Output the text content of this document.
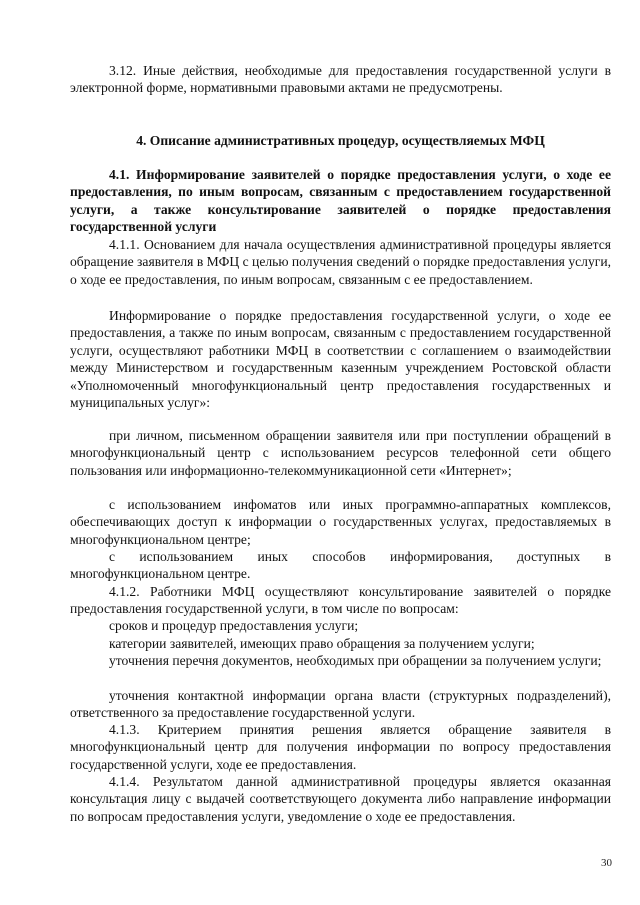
3.12. Иные действия, необходимые для предоставления государственной услуги в электронной форме, нормативными правовыми актами не предусмотрены.

4. Описание административных процедур, осуществляемых МФЦ

4.1. Информирование заявителей о порядке предоставления услуги, о ходе ее предоставления, по иным вопросам, связанным с предоставлением государственной услуги, а также консультирование заявителей о порядке предоставления государственной услуги

4.1.1. Основанием для начала осуществления административной процедуры является обращение заявителя в МФЦ с целью получения сведений о порядке предоставления услуги, о ходе ее предоставления, по иным вопросам, связанным с ее предоставлением.

Информирование о порядке предоставления государственной услуги, о ходе ее предоставления, а также по иным вопросам, связанным с предоставлением государственной услуги, осуществляют работники МФЦ в соответствии с соглашением о взаимодействии между Министерством и государственным казенным учреждением Ростовской области «Уполномоченный многофункциональный центр предоставления государственных и муниципальных услуг»:

при личном, письменном обращении заявителя или при поступлении обращений в многофункциональный центр с использованием ресурсов телефонной сети общего пользования или информационно-телекоммуникационной сети «Интернет»;

с использованием инфоматов или иных программно-аппаратных комплексов, обеспечивающих доступ к информации о государственных услугах, предоставляемых в многофункциональном центре;

с использованием иных способов информирования, доступных в многофункциональном центре.

4.1.2. Работники МФЦ осуществляют консультирование заявителей о порядке предоставления государственной услуги, в том числе по вопросам:

сроков и процедур предоставления услуги;

категории заявителей, имеющих право обращения за получением услуги;

уточнения перечня документов, необходимых при обращении за получением услуги;

уточнения контактной информации органа власти (структурных подразделений), ответственного за предоставление государственной услуги.

4.1.3. Критерием принятия решения является обращение заявителя в многофункциональный центр для получения информации по вопросу предоставления государственной услуги, ходе ее предоставления.

4.1.4. Результатом данной административной процедуры является оказанная консультация лицу с выдачей соответствующего документа либо направление информации по вопросам предоставления услуги, уведомление о ходе ее предоставления.

30
